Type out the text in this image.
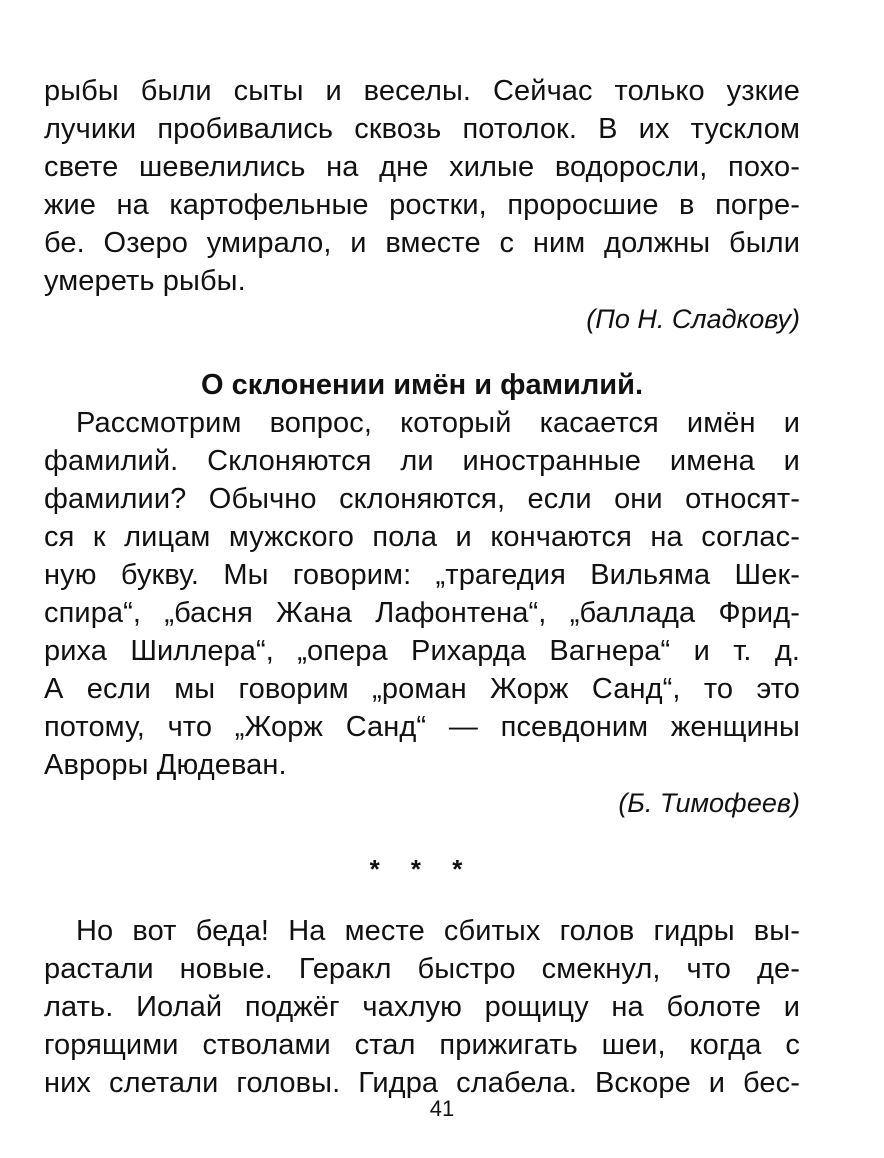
рыбы были сыты и веселы. Сейчас только узкие
лучики пробивались сквозь потолок. В их тусклом
свете шевелились на дне хилые водоросли, похо-
жие на картофельные ростки, проросшие в погре-
бе. Озеро умирало, и вместе с ним должны были
умереть рыбы.
(По Н. Сладкову)
О склонении имён и фамилий.
Рассмотрим вопрос, который касается имён и
фамилий. Склоняются ли иностранные имена и
фамилии? Обычно склоняются, если они относят-
ся к лицам мужского пола и кончаются на соглас-
ную букву. Мы говорим: „трагедия Вильяма Шек-
спира“, „басня Жана Лафонтена“, „баллада Фрид-
риха Шиллера“, „опера Рихарда Вагнера“ и т. д.
А если мы говорим „роман Жорж Санд“, то это
потому, что „Жорж Санд“ — псевдоним женщины
Авроры Дюдеван.
(Б. Тимофеев)
* * *
Но вот беда! На месте сбитых голов гидры вы-
растали новые. Геракл быстро смекнул, что де-
лать. Иолай поджёг чахлую рощицу на болоте и
горящими стволами стал прижигать шеи, когда с
них слетали головы. Гидра слабела. Вскоре и бес-
41
